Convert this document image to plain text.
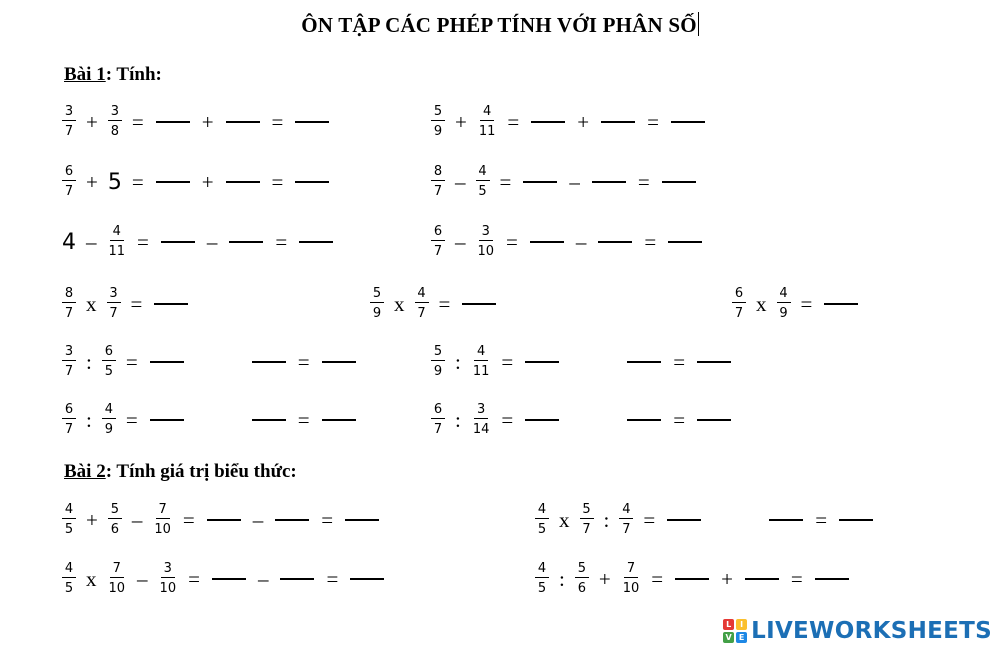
ÔN TẬP CÁC PHÉP TÍNH VỚI PHÂN SỐ
Bài 1: Tính:
Bài 2: Tính giá trị biểu thức:
$\frac{3}{7} + \frac{3}{8}$ =	+	=	$\frac{5}{9} + \frac{4}{11}$ =	+	=
$\frac{6}{7} + 5$ =	+	=	$\frac{8}{7} - \frac{4}{5}$ =	–	=
$4 - \frac{4}{11}$ =	–	=	$\frac{6}{7} - \frac{3}{10}$ =	–	=
$\frac{8}{7}$ x $\frac{3}{7}$ =	$\frac{5}{9}$ x $\frac{4}{7}$ =	$\frac{6}{7}$ x $\frac{4}{9}$ =
$\frac{3}{7}$ : $\frac{6}{5}$ =	=	$\frac{5}{9}$ : $\frac{4}{11}$ =	=
$\frac{6}{7}$ : $\frac{4}{9}$ =	=	$\frac{6}{7}$ : $\frac{3}{14}$ =	=
$\frac{4}{5} + \frac{5}{6} - \frac{7}{10}$ =	–	=	$\frac{4}{5}$ x $\frac{5}{7}$ : $\frac{4}{7}$ =	=
$\frac{4}{5}$ x $\frac{7}{10} - \frac{3}{10}$ =	–	=	$\frac{4}{5}$ : $\frac{5}{6} + \frac{7}{10}$ =	+	=
L	I
V E LIVEWORKSHEETS
